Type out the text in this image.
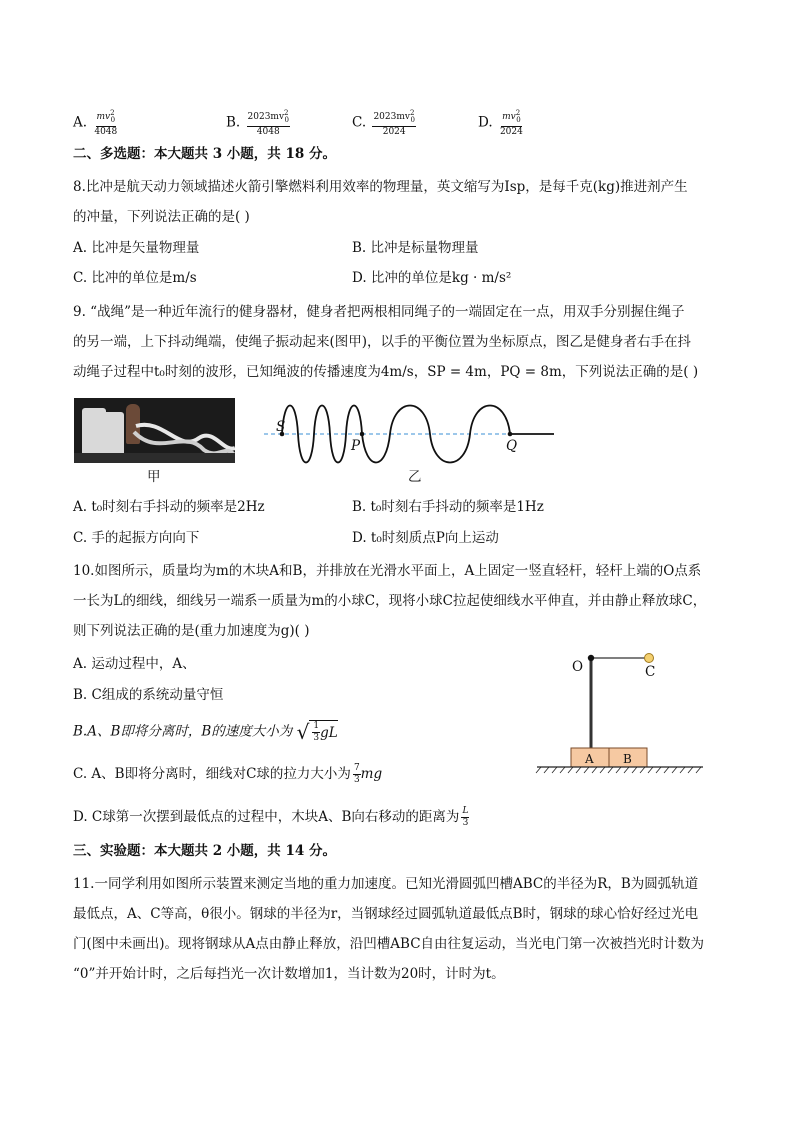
A. $\frac{mv^2_0}{4048}$	B. $\frac{2023mv^2_0}{4048}$	C. $\frac{2023mv^2_0}{2024}$	D. $\frac{mv^2_0}{2024}$
二、多选题：本大题共 3 小题，共 18 分。
8.比冲是航天动力领域描述火箭引擎燃料利用效率的物理量，英文缩写为Isp，是每千克(kg)推进剂产生
的冲量，下列说法正确的是( )
A. 比冲是矢量物理量	B. 比冲是标量物理量
C. 比冲的单位是m/s	D. 比冲的单位是kg · m/s²
9. “战绳”是一种近年流行的健身器材，健身者把两根相同绳子的一端固定在一点，用双手分别握住绳子
的另一端，上下抖动绳端，使绳子振动起来(图甲)，以手的平衡位置为坐标原点，图乙是健身者右手在抖
动绳子过程中t₀时刻的波形，已知绳波的传播速度为4m/s，SP = 4m，PQ = 8m，下列说法正确的是( )
甲
S
P	Q
乙
A. t₀时刻右手抖动的频率是2Hz	B. t₀时刻右手抖动的频率是1Hz
C. 手的起振方向向下	D. t₀时刻质点P向上运动
10.如图所示，质量均为m的木块A和B，并排放在光滑水平面上，A上固定一竖直轻杆，轻杆上端的O点系
一长为L的细线，细线另一端系一质量为m的小球C，现将小球C拉起使细线水平伸直，并由静止释放球C，
则下列说法正确的是(重力加速度为g)( )
A. 运动过程中，A、
B. C组成的系统动量守恒
B.A、B即将分离时，B的速度大小为 √ $\frac{1}{3}$ gL
C. A、B即将分离时，细线对C球的拉力大小为 $\frac{7}{3}$ mg
D. C球第一次摆到最低点的过程中，木块A、B向右移动的距离为 $\frac{L}{3}$
O	C
A B
三、实验题：本大题共 2 小题，共 14 分。
11.一同学利用如图所示装置来测定当地的重力加速度。已知光滑圆弧凹槽ABC的半径为R，B为圆弧轨道
最低点，A、C等高，θ很小。钢球的半径为r，当钢球经过圆弧轨道最低点B时，钢球的球心恰好经过光电
门(图中未画出)。现将钢球从A点由静止释放，沿凹槽ABC自由往复运动，当光电门第一次被挡光时计数为
“0”并开始计时，之后每挡光一次计数增加1，当计数为20时，计时为t。
